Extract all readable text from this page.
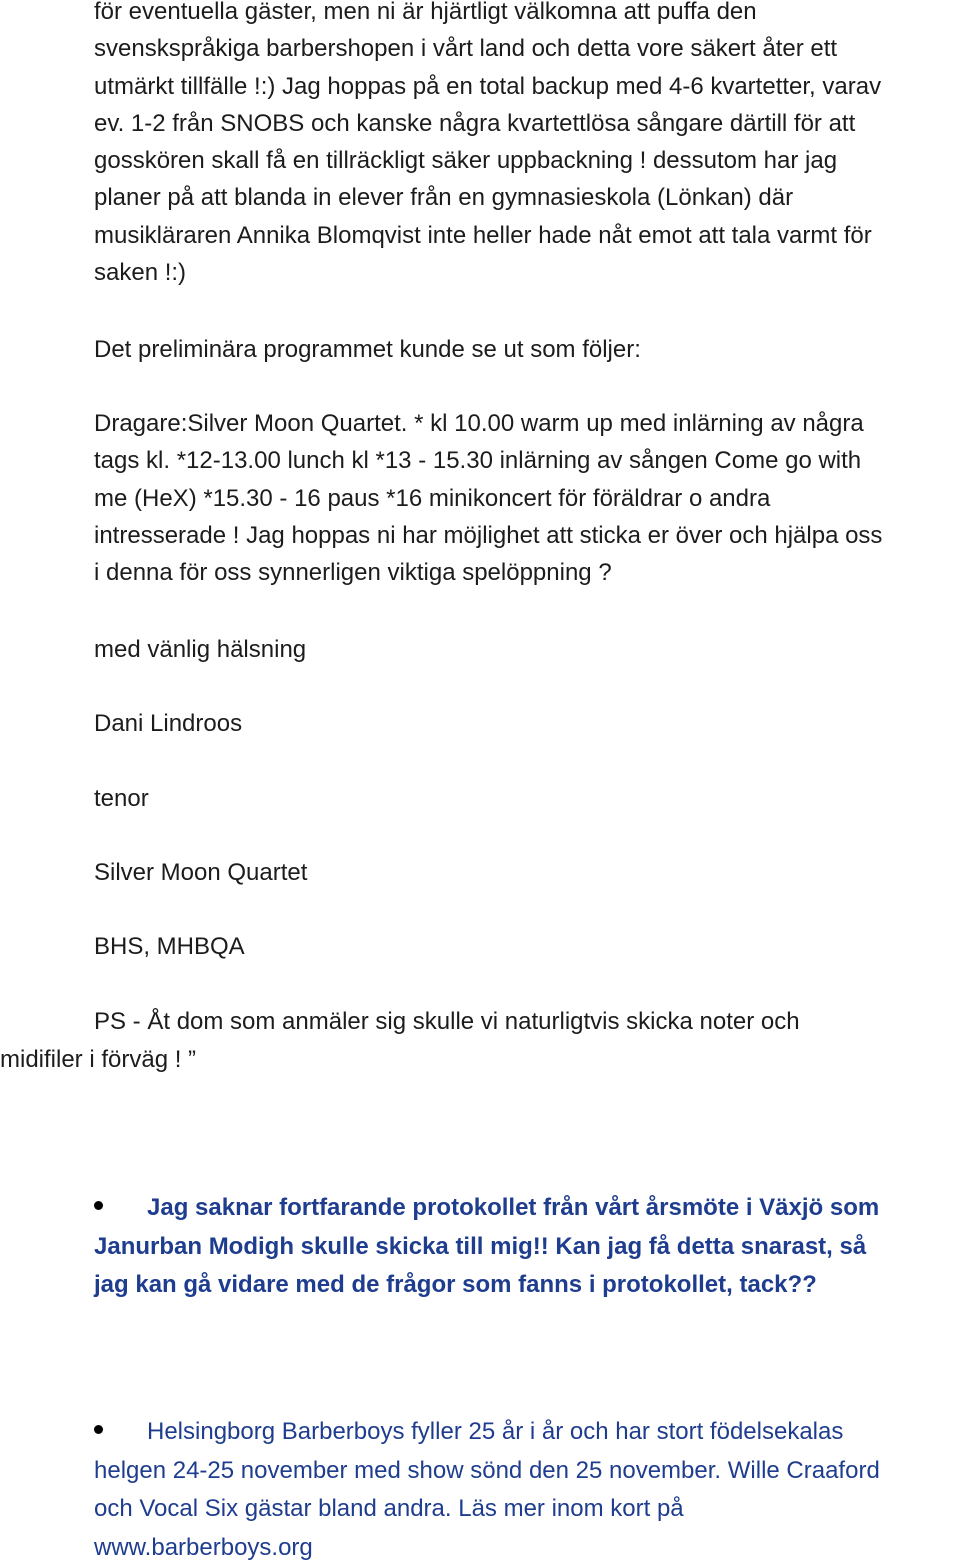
för eventuella gäster, men ni är hjärtligt välkomna att puffa den
svenskspråkiga barbershopen i vårt land och detta vore säkert åter ett
utmärkt tillfälle !:) Jag hoppas på en total backup med 4-6 kvartetter, varav
ev. 1-2 från SNOBS och kanske några kvartettlösa sångare därtill för att
gosskören skall få en tillräckligt säker uppbackning ! dessutom har jag
planer på att blanda in elever från en gymnasieskola (Lönkan) där
musikläraren Annika Blomqvist inte heller hade nåt emot att tala varmt för
saken !:)
Det preliminära programmet kunde se ut som följer:
Dragare:Silver Moon Quartet. * kl 10.00 warm up med inlärning av några
tags kl. *12-13.00 lunch kl *13 - 15.30 inlärning av sången Come go with
me (HeX) *15.30 - 16 paus *16 minikoncert för föräldrar o andra
intresserade ! Jag hoppas ni har möjlighet att sticka er över och hjälpa oss
i denna för oss synnerligen viktiga spelöppning ?
med vänlig hälsning
Dani Lindroos
tenor
Silver Moon Quartet
BHS, MHBQA
PS - Åt dom som anmäler sig skulle vi naturligtvis skicka noter och
midifiler i förväg ! ”
Jag saknar fortfarande protokollet från vårt årsmöte i Växjö som
Janurban Modigh skulle skicka till mig!! Kan jag få detta snarast, så
jag kan gå vidare med de frågor som fanns i protokollet, tack??
Helsingborg Barberboys fyller 25 år i år och har stort födelsekalas
helgen 24-25 november med show sönd den 25 november. Wille Craaford
och Vocal Six gästar bland andra. Läs mer inom kort på
www.barberboys.org
